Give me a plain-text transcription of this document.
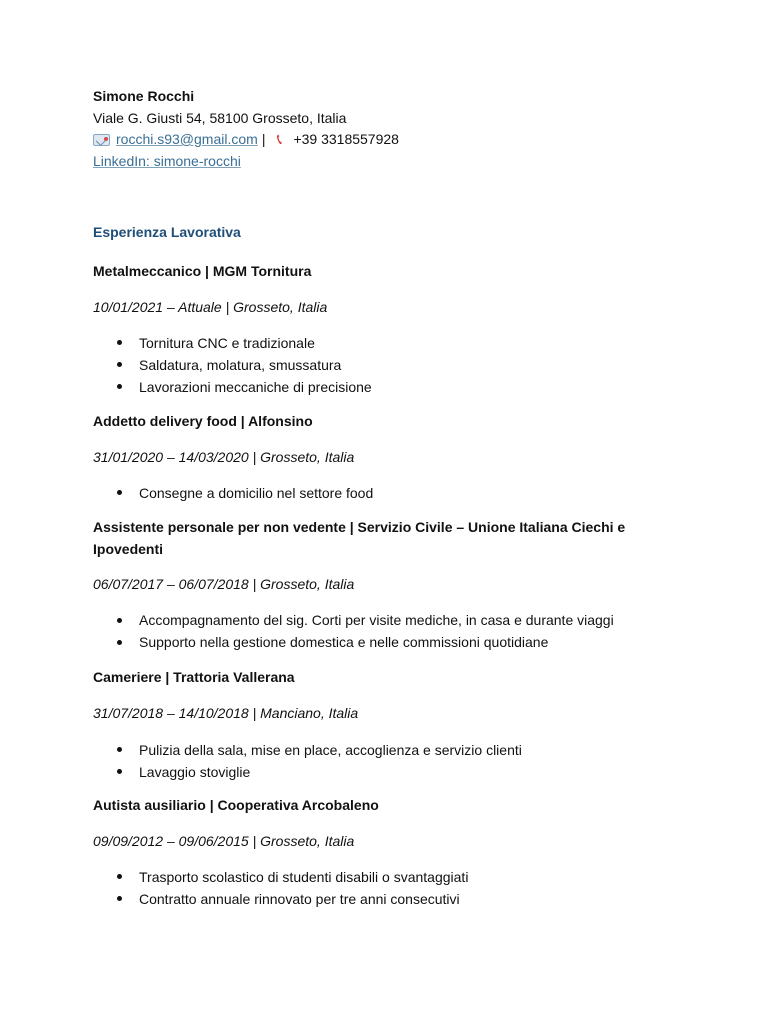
Simone Rocchi
Viale G. Giusti 54, 58100 Grosseto, Italia
rocchi.s93@gmail.com | 📞︎ +39 3318557928
LinkedIn: simone-rocchi
Esperienza Lavorativa
Metalmeccanico | MGM Tornitura
10/01/2021 – Attuale | Grosseto, Italia
Tornitura CNC e tradizionale
Saldatura, molatura, smussatura
Lavorazioni meccaniche di precisione
Addetto delivery food | Alfonsino
31/01/2020 – 14/03/2020 | Grosseto, Italia
Consegne a domicilio nel settore food
Assistente personale per non vedente | Servizio Civile – Unione Italiana Ciechi e
Ipovedenti
06/07/2017 – 06/07/2018 | Grosseto, Italia
Accompagnamento del sig. Corti per visite mediche, in casa e durante viaggi
Supporto nella gestione domestica e nelle commissioni quotidiane
Cameriere | Trattoria Vallerana
31/07/2018 – 14/10/2018 | Manciano, Italia
Pulizia della sala, mise en place, accoglienza e servizio clienti
Lavaggio stoviglie
Autista ausiliario | Cooperativa Arcobaleno
09/09/2012 – 09/06/2015 | Grosseto, Italia
Trasporto scolastico di studenti disabili o svantaggiati
Contratto annuale rinnovato per tre anni consecutivi
